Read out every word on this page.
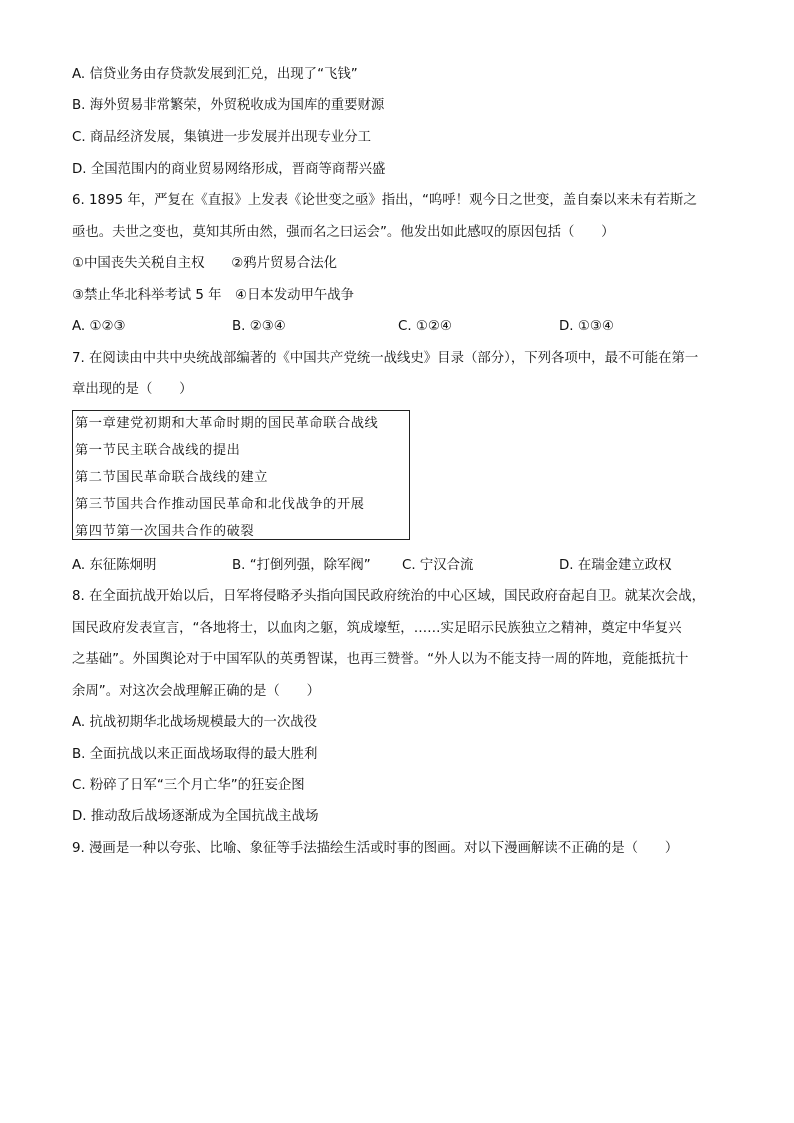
A. 信贷业务由存贷款发展到汇兑，出现了“飞钱”
B. 海外贸易非常繁荣，外贸税收成为国库的重要财源
C. 商品经济发展，集镇进一步发展并出现专业分工
D. 全国范围内的商业贸易网络形成，晋商等商帮兴盛
6. 1895 年，严复在《直报》上发表《论世变之亟》指出，“呜呼！观今日之世变，盖自秦以来未有若斯之
亟也。夫世之变也，莫知其所由然，强而名之曰运会”。他发出如此感叹的原因包括（　　）
①中国丧失关税自主权　　②鸦片贸易合法化
③禁止华北科举考试 5 年　④日本发动甲午战争
A. ①②③	B. ②③④	C. ①②④	D. ①③④
7. 在阅读由中共中央统战部编著的《中国共产党统一战线史》目录（部分），下列各项中，最不可能在第一
章出现的是（　　）
第一章建党初期和大革命时期的国民革命联合战线
第一节民主联合战线的提出
第二节国民革命联合战线的建立
第三节国共合作推动国民革命和北伐战争的开展
第四节第一次国共合作的破裂
A. 东征陈炯明	B. “打倒列强，除军阀” C. 宁汉合流	D. 在瑞金建立政权
8. 在全面抗战开始以后，日军将侵略矛头指向国民政府统治的中心区域，国民政府奋起自卫。就某次会战，
国民政府发表宣言，“各地将士，以血肉之躯，筑成壕堑，……实足昭示民族独立之精神，奠定中华复兴
之基础”。外国舆论对于中国军队的英勇智谋，也再三赞誉。“外人以为不能支持一周的阵地，竟能抵抗十
余周”。对这次会战理解正确的是（　　）
A. 抗战初期华北战场规模最大的一次战役
B. 全面抗战以来正面战场取得的最大胜利
C. 粉碎了日军“三个月亡华”的狂妄企图
D. 推动敌后战场逐渐成为全国抗战主战场
9. 漫画是一种以夸张、比喻、象征等手法描绘生活或时事的图画。对以下漫画解读不正确的是（　　）
